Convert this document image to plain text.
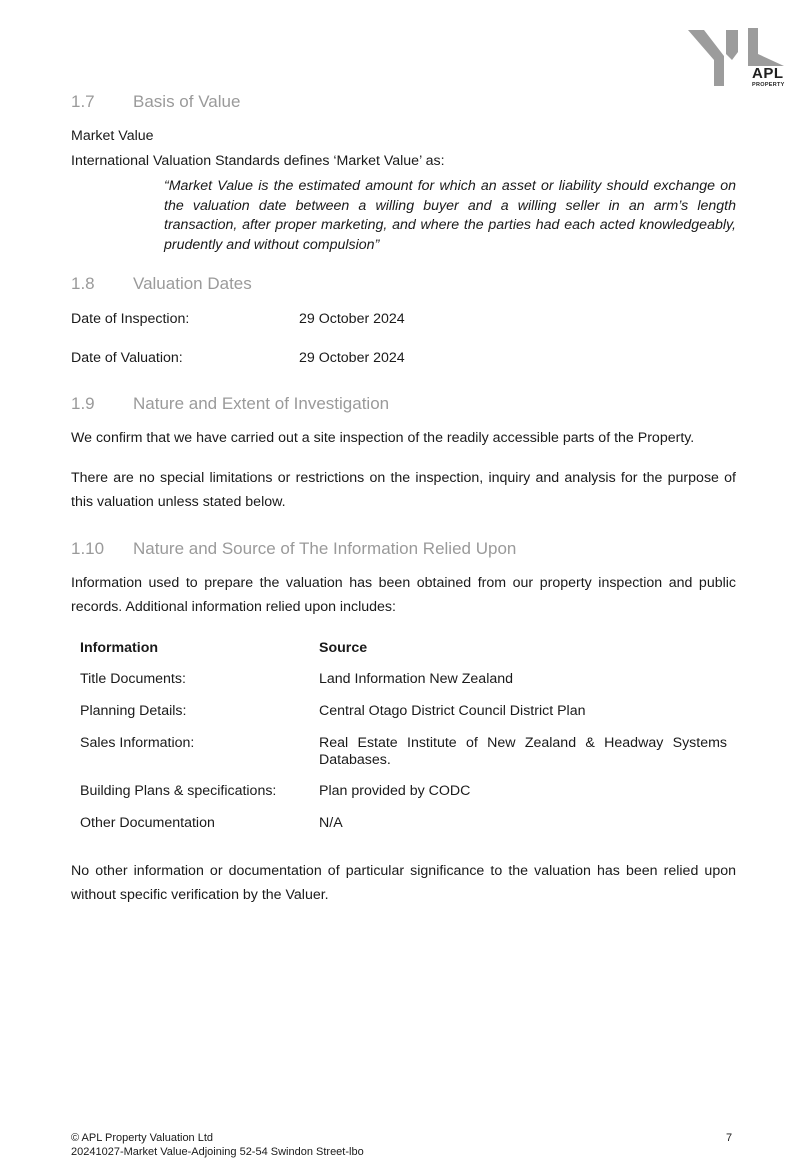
APL
PROPERTY
1.7 Basis of Value
Market Value
International Valuation Standards defines ‘Market Value’ as:
“Market Value is the estimated amount for which an asset or liability should exchange on the valuation date between a willing buyer and a willing seller in an arm’s length transaction, after proper marketing, and where the parties had each acted knowledgeably, prudently and without compulsion”
1.8 Valuation Dates
Date of Inspection:	29 October 2024
Date of Valuation:	29 October 2024
1.9 Nature and Extent of Investigation
We confirm that we have carried out a site inspection of the readily accessible parts of the Property.
There are no special limitations or restrictions on the inspection, inquiry and analysis for the purpose of this valuation unless stated below.
1.10 Nature and Source of The Information Relied Upon
Information used to prepare the valuation has been obtained from our property inspection and public records. Additional information relied upon includes:
Information	Source
Title Documents:	Land Information New Zealand
Planning Details:	Central Otago District Council District Plan
Sales Information:	Real Estate Institute of New Zealand & Headway Systems Databases.
Building Plans & specifications:	Plan provided by CODC
Other Documentation	N/A
No other information or documentation of particular significance to the valuation has been relied upon without specific verification by the Valuer.
© APL Property Valuation Ltd
20241027-Market Value-Adjoining 52-54 Swindon Street-lbo
7
